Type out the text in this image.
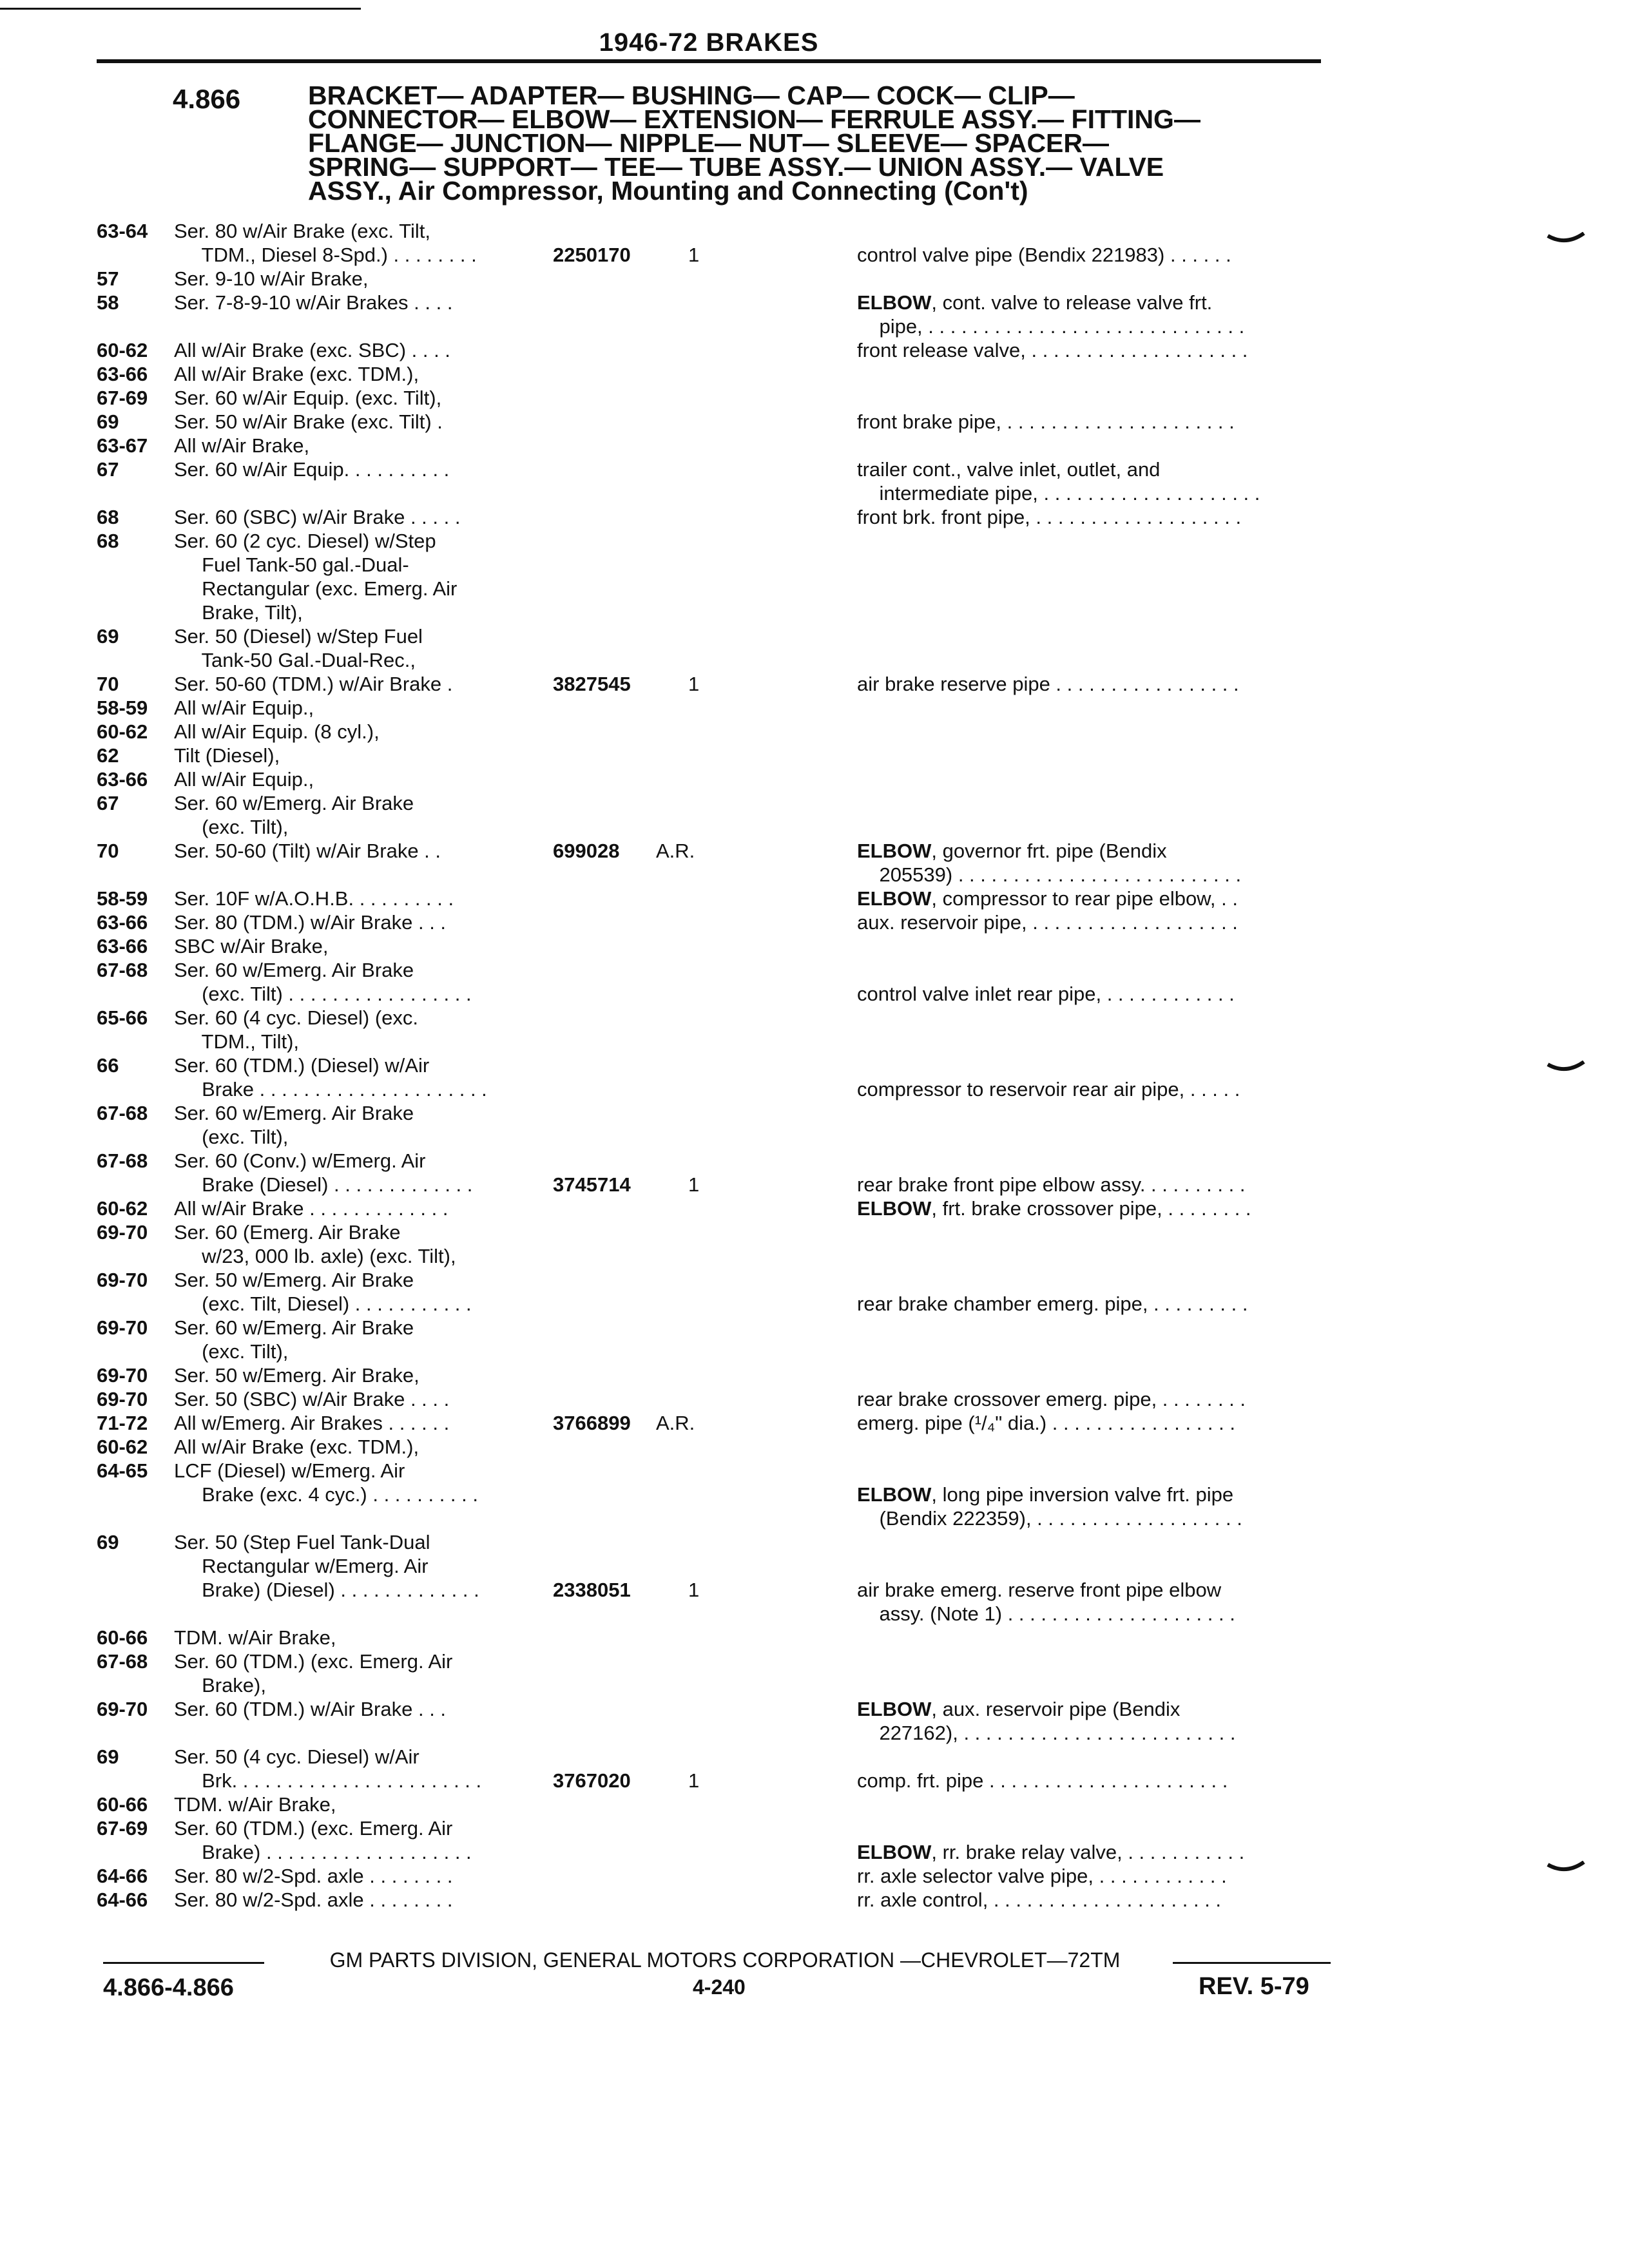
1946-72 BRAKES
4.866	BRACKET— ADAPTER— BUSHING— CAP— COCK— CLIP—
CONNECTOR— ELBOW— EXTENSION— FERRULE ASSY.— FITTING—
FLANGE— JUNCTION— NIPPLE— NUT— SLEEVE— SPACER—
SPRING— SUPPORT— TEE— TUBE ASSY.— UNION ASSY.— VALVE
ASSY., Air Compressor, Mounting and Connecting (Con't)
63-64	Ser. 80 w/Air Brake (exc. Tilt,
TDM., Diesel 8-Spd.) . . . . . . . .	2250170	1	control valve pipe (Bendix 221983) . . . . . .
57	Ser. 9-10 w/Air Brake,
58	Ser. 7-8-9-10 w/Air Brakes . . . .	ELBOW, cont. valve to release valve frt.
pipe, . . . . . . . . . . . . . . . . . . . . . . . . . . . . .
60-62	All w/Air Brake (exc. SBC) . . . .	front release valve, . . . . . . . . . . . . . . . . . . . .
63-66	All w/Air Brake (exc. TDM.),
67-69	Ser. 60 w/Air Equip. (exc. Tilt),
69	Ser. 50 w/Air Brake (exc. Tilt) .	front brake pipe, . . . . . . . . . . . . . . . . . . . . .
63-67	All w/Air Brake,
67	Ser. 60 w/Air Equip. . . . . . . . . .	trailer cont., valve inlet, outlet, and
intermediate pipe, . . . . . . . . . . . . . . . . . . . .
68	Ser. 60 (SBC) w/Air Brake . . . . .	front brk. front pipe, . . . . . . . . . . . . . . . . . . .
68	Ser. 60 (2 cyc. Diesel) w/Step
Fuel Tank-50 gal.-Dual-
Rectangular (exc. Emerg. Air
Brake, Tilt),
69	Ser. 50 (Diesel) w/Step Fuel
Tank-50 Gal.-Dual-Rec.,
70	Ser. 50-60 (TDM.) w/Air Brake .	3827545	1	air brake reserve pipe . . . . . . . . . . . . . . . . .
58-59	All w/Air Equip.,
60-62	All w/Air Equip. (8 cyl.),
62	Tilt (Diesel),
63-66	All w/Air Equip.,
67	Ser. 60 w/Emerg. Air Brake
(exc. Tilt),
70	Ser. 50-60 (Tilt) w/Air Brake . .	699028	A.R.	ELBOW, governor frt. pipe (Bendix
205539) . . . . . . . . . . . . . . . . . . . . . . . . . .
58-59	Ser. 10F w/A.O.H.B. . . . . . . . . .	ELBOW, compressor to rear pipe elbow, . .
63-66	Ser. 80 (TDM.) w/Air Brake . . .	aux. reservoir pipe, . . . . . . . . . . . . . . . . . . .
63-66	SBC w/Air Brake,
67-68	Ser. 60 w/Emerg. Air Brake
(exc. Tilt) . . . . . . . . . . . . . . . . .	control valve inlet rear pipe, . . . . . . . . . . . .
65-66	Ser. 60 (4 cyc. Diesel) (exc.
TDM., Tilt),
66	Ser. 60 (TDM.) (Diesel) w/Air
Brake . . . . . . . . . . . . . . . . . . . . .	compressor to reservoir rear air pipe, . . . . .
67-68	Ser. 60 w/Emerg. Air Brake
(exc. Tilt),
67-68	Ser. 60 (Conv.) w/Emerg. Air
Brake (Diesel) . . . . . . . . . . . . .	3745714	1	rear brake front pipe elbow assy. . . . . . . . . .
60-62	All w/Air Brake . . . . . . . . . . . . .	ELBOW, frt. brake crossover pipe, . . . . . . . .
69-70	Ser. 60 (Emerg. Air Brake
w/23, 000 lb. axle) (exc. Tilt),
69-70	Ser. 50 w/Emerg. Air Brake
(exc. Tilt, Diesel) . . . . . . . . . . .	rear brake chamber emerg. pipe, . . . . . . . . .
69-70	Ser. 60 w/Emerg. Air Brake
(exc. Tilt),
69-70	Ser. 50 w/Emerg. Air Brake,
69-70	Ser. 50 (SBC) w/Air Brake . . . .	rear brake crossover emerg. pipe, . . . . . . . .
71-72	All w/Emerg. Air Brakes . . . . . .	3766899	A.R.	emerg. pipe (¹/₄" dia.) . . . . . . . . . . . . . . . . .
60-62	All w/Air Brake (exc. TDM.),
64-65	LCF (Diesel) w/Emerg. Air
Brake (exc. 4 cyc.) . . . . . . . . . .	ELBOW, long pipe inversion valve frt. pipe
(Bendix 222359), . . . . . . . . . . . . . . . . . . .
69	Ser. 50 (Step Fuel Tank-Dual
Rectangular w/Emerg. Air
Brake) (Diesel) . . . . . . . . . . . . .	2338051	1	air brake emerg. reserve front pipe elbow
assy. (Note 1) . . . . . . . . . . . . . . . . . . . . .
60-66	TDM. w/Air Brake,
67-68	Ser. 60 (TDM.) (exc. Emerg. Air
Brake),
69-70	Ser. 60 (TDM.) w/Air Brake . . .	ELBOW, aux. reservoir pipe (Bendix
227162), . . . . . . . . . . . . . . . . . . . . . . . . .
69	Ser. 50 (4 cyc. Diesel) w/Air
Brk. . . . . . . . . . . . . . . . . . . . . . .	3767020	1	comp. frt. pipe . . . . . . . . . . . . . . . . . . . . . .
60-66	TDM. w/Air Brake,
67-69	Ser. 60 (TDM.) (exc. Emerg. Air
Brake) . . . . . . . . . . . . . . . . . . .	ELBOW, rr. brake relay valve, . . . . . . . . . . .
64-66	Ser. 80 w/2-Spd. axle . . . . . . . .	rr. axle selector valve pipe, . . . . . . . . . . . .
64-66	Ser. 80 w/2-Spd. axle . . . . . . . .	rr. axle control, . . . . . . . . . . . . . . . . . . . . .
GM PARTS DIVISION, GENERAL MOTORS CORPORATION —CHEVROLET—72TM
4.866-4.866	4-240	REV. 5-79
